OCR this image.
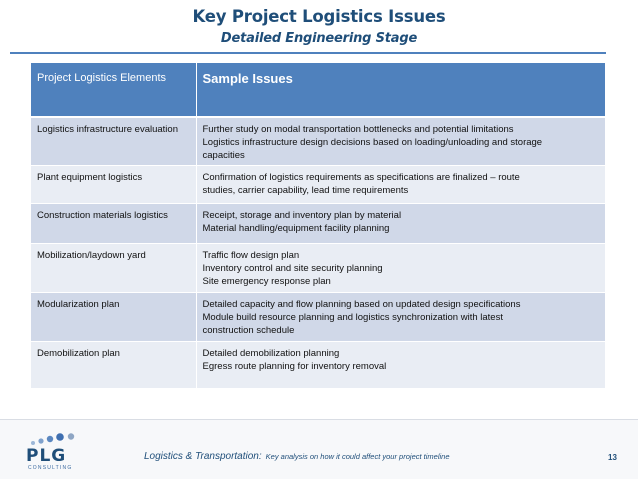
Key Project Logistics Issues
Detailed Engineering Stage
Project Logistics Elements	Sample Issues

Logistics infrastructure evaluation	Further study on modal transportation bottlenecks and potential limitations
Logistics infrastructure design decisions based on loading/unloading and storage
capacities

Plant equipment logistics	Confirmation of logistics requirements as specifications are finalized – route
studies, carrier capability, lead time requirements

Construction materials logistics	Receipt, storage and inventory plan by material
Material handling/equipment facility planning

Mobilization/laydown yard	Traffic flow design plan
Inventory control and site security planning
Site emergency response plan

Modularization plan	Detailed capacity and flow planning based on updated design specifications
Module build resource planning and logistics synchronization with latest
construction schedule

Demobilization plan	Detailed demobilization planning
Egress route planning for inventory removal
PLG
CONSULTING
Logistics & Transportation: Key analysis on how it could affect your project timeline	13
